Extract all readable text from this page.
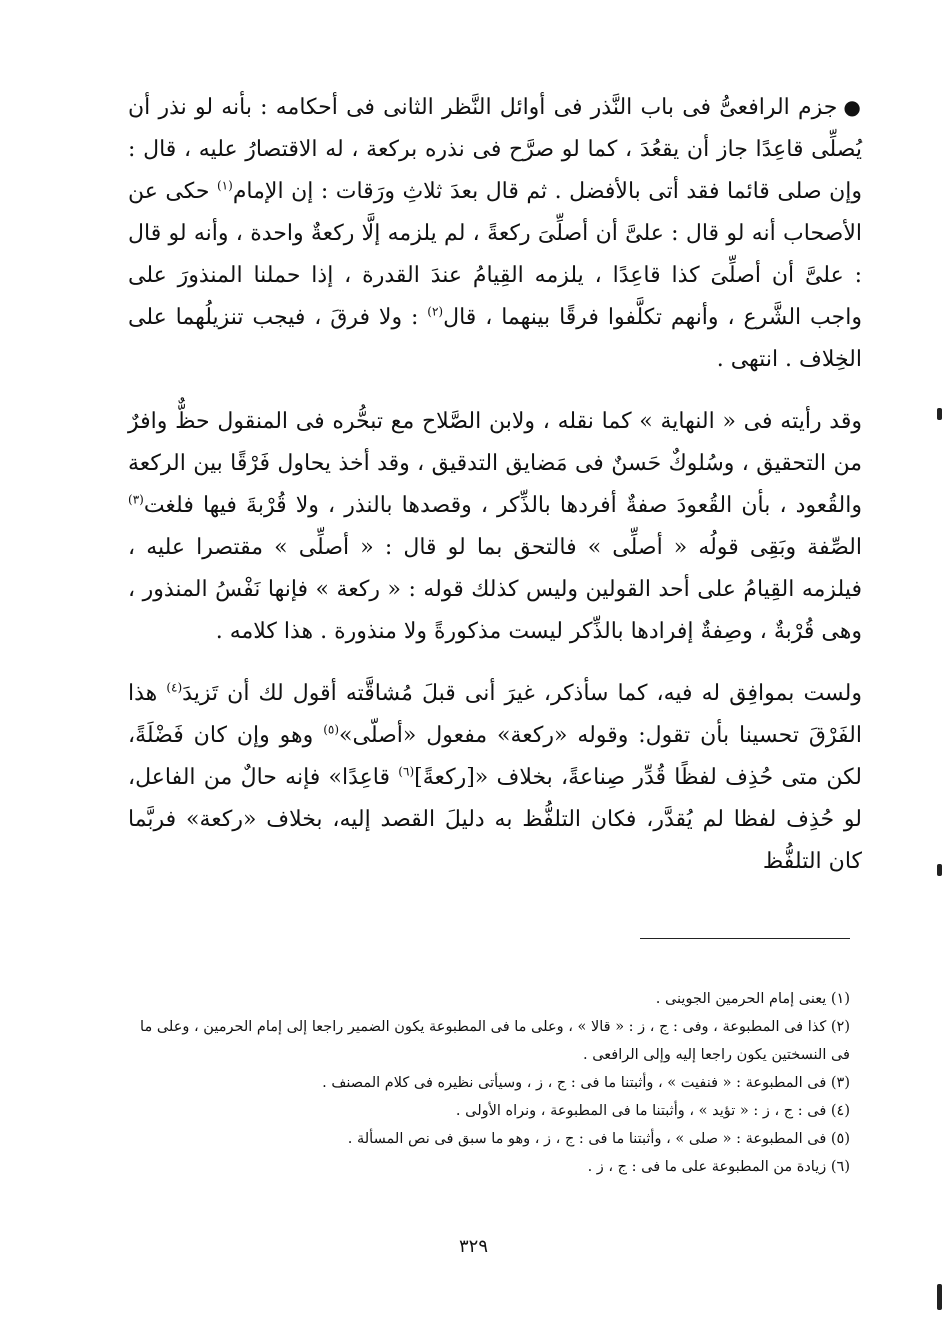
●جزم الرافعىُّ فى باب النَّذر فى أوائل النَّظر الثانى فى أحكامه : بأنه لو نذر أن يُصلِّى قاعِدًا جاز أن يقعُدَ ، كما لو صرَّح فى نذره بركعة ، له الاقتصارُ عليه ، قال : وإن صلى قائما فقد أتى بالأفضل . ثم قال بعدَ ثلاثِ ورَقات : إن الإمام$^{(١)}$ حكى عن الأصحاب أنه لو قال : علىَّ أن أصلِّىَ ركعةً ، لم يلزمه إلَّا ركعةٌ واحدة ، وأنه لو قال : علىَّ أن أصلِّىَ كذا قاعِدًا ، يلزمه القِيامُ عندَ القدرة ، إذا حملنا المنذورَ على واجب الشَّرع ، وأنهم تكلَّفوا فرقًا بينهما ، قال$^{(٢)}$ : ولا فرقَ ، فيجب تنزيلُهما على الخِلاف . انتهى .

وقد رأيته فى « النهاية » كما نقله ، ولابن الصَّلاح مع تبحُّره فى المنقول حظٌّ وافرٌ من التحقيق ، وسُلوكٌ حَسنٌ فى مَضايق التدقيق ، وقد أخذ يحاول فَرْقًا بين الركعة والقُعود ، بأن القُعودَ صفةٌ أفردها بالذِّكر ، وقصدها بالنذر ، ولا قُرْبةَ فيها فلغت$^{(٣)}$ الصِّفة وبَقِى قولُه « أصلِّى » فالتحق بما لو قال : « أصلِّى » مقتصرا عليه ، فيلزمه القِيامُ على أحد القولين وليس كذلك قوله : « ركعة » فإنها نَفْسُ المنذور ، وهى قُرْبةٌ ، وصِفةٌ إفرادها بالذِّكر ليست مذكورةً ولا منذورة . هذا كلامه .

ولست بموافِق له فيه، كما سأذكر، غيرَ أنى قبلَ مُشاقَّته أقول لك أن تَزيدَ$^{(٤)}$ هذا الفَرْقَ تحسينا بأن تقول: وقوله «ركعة» مفعول «أصلّى»$^{(٥)}$ وهو وإن كان فَضْلَةً، لكن متى حُذِف لفظًا قُدِّر صِناعةً، بخلاف «[ركعةً]$^{(٦)}$ قاعِدًا» فإنه حالٌ من الفاعل، لو حُذِف لفظا لم يُقدَّر، فكان التلفُّظ به دليلَ القصد إليه، بخلاف «ركعة» فربَّما كان التلفُّظ

(١) يعنى إمام الحرمين الجوينى .

(٢) كذا فى المطبوعة ، وفى : ج ، ز : « قالا » ، وعلى ما فى المطبوعة يكون الضمير راجعا إلى إمام الحرمين ، وعلى ما فى النسختين يكون راجعا إليه وإلى الرافعى .

(٣) فى المطبوعة : « فنفيت » ، وأثبتنا ما فى : ج ، ز ، وسيأتى نظيره فى كلام المصنف .

(٤) فى : ج ، ز : « تؤيد » ، وأثبتنا ما فى المطبوعة ، ونراه الأولى .

(٥) فى المطبوعة : « صلى » ، وأثبتنا ما فى : ج ، ز ، وهو ما سبق فى نص المسألة .

(٦) زيادة من المطبوعة على ما فى : ج ، ز .

٣٢٩
